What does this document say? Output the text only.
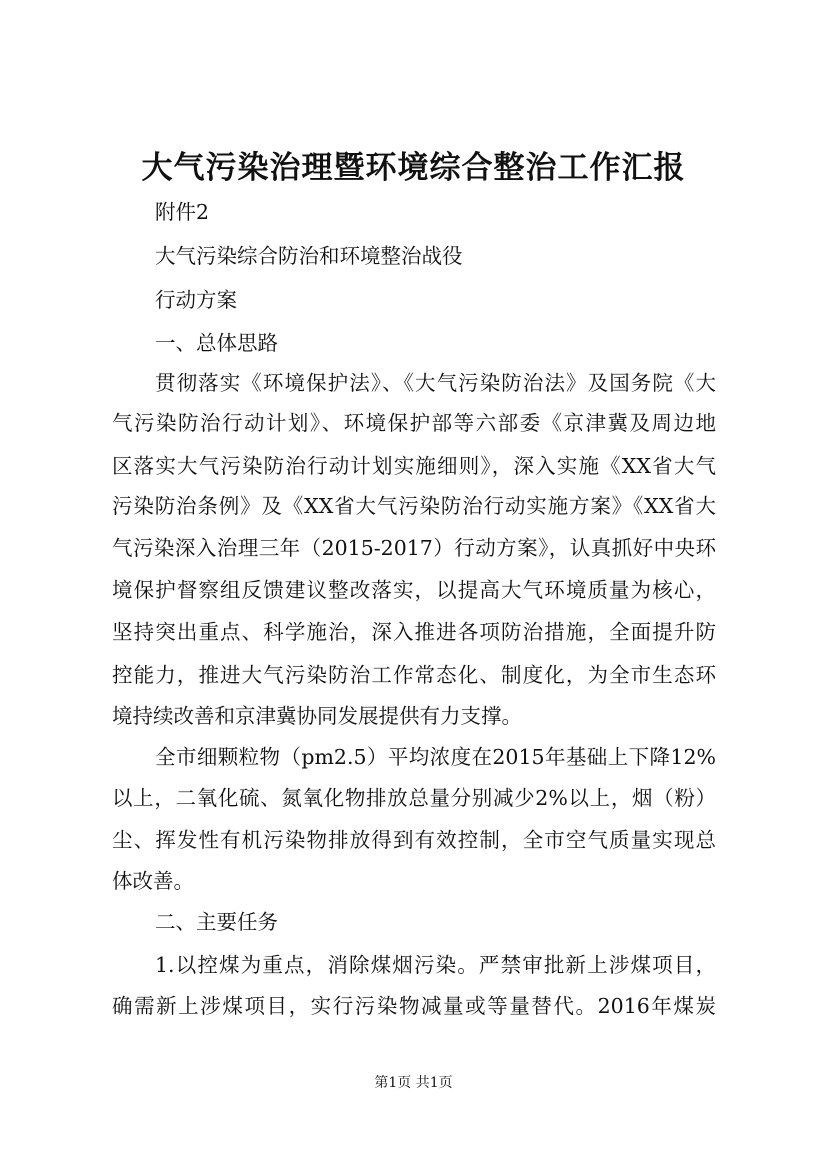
大气污染治理暨环境综合整治工作汇报
附件2
大气污染综合防治和环境整治战役
行动方案
一、总体思路
贯彻落实《环境保护法》、《大气污染防治法》及国务院《大
气污染防治行动计划》、环境保护部等六部委《京津冀及周边地
区落实大气污染防治行动计划实施细则》，深入实施《XX省大气
污染防治条例》及《XX省大气污染防治行动实施方案》《XX省大
气污染深入治理三年（2015-2017）行动方案》，认真抓好中央环
境保护督察组反馈建议整改落实，以提高大气环境质量为核心，
坚持突出重点、科学施治，深入推进各项防治措施，全面提升防
控能力，推进大气污染防治工作常态化、制度化，为全市生态环
境持续改善和京津冀协同发展提供有力支撑。
全市细颗粒物（pm2.5）平均浓度在2015年基础上下降12%
以上，二氧化硫、氮氧化物排放总量分别减少2%以上，烟（粉）
尘、挥发性有机污染物排放得到有效控制，全市空气质量实现总
体改善。
二、主要任务
1.以控煤为重点，消除煤烟污染。严禁审批新上涉煤项目，
确需新上涉煤项目，实行污染物减量或等量替代。2016年煤炭
第1页 共1页
